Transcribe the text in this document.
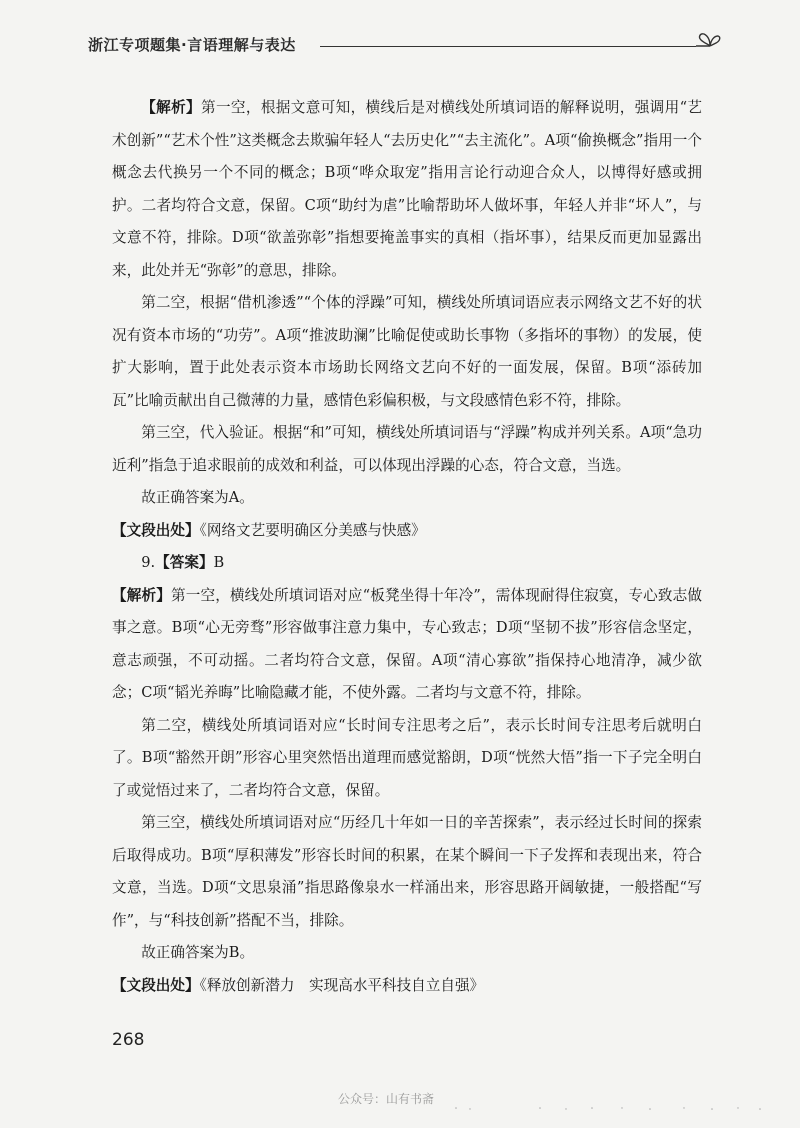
浙江专项题集·言语理解与表达

【解析】第一空，根据文意可知，横线后是对横线处所填词语的解释说明，强调用“艺术创新”“艺术个性”这类概念去欺骗年轻人“去历史化”“去主流化”。A项“偷换概念”指用一个概念去代换另一个不同的概念；B项“哗众取宠”指用言论行动迎合众人，以博得好感或拥护。二者均符合文意，保留。C项“助纣为虐”比喻帮助坏人做坏事，年轻人并非“坏人”，与文意不符，排除。D项“欲盖弥彰”指想要掩盖事实的真相（指坏事），结果反而更加显露出来，此处并无“弥彰”的意思，排除。

第二空，根据“借机渗透”“个体的浮躁”可知，横线处所填词语应表示网络文艺不好的状况有资本市场的“功劳”。A项“推波助澜”比喻促使或助长事物（多指坏的事物）的发展，使扩大影响，置于此处表示资本市场助长网络文艺向不好的一面发展，保留。B项“添砖加瓦”比喻贡献出自己微薄的力量，感情色彩偏积极，与文段感情色彩不符，排除。

第三空，代入验证。根据“和”可知，横线处所填词语与“浮躁”构成并列关系。A项“急功近利”指急于追求眼前的成效和利益，可以体现出浮躁的心态，符合文意，当选。

故正确答案为A。

【文段出处】《网络文艺要明确区分美感与快感》

9.【答案】B

【解析】第一空，横线处所填词语对应“板凳坐得十年冷”，需体现耐得住寂寞，专心致志做事之意。B项“心无旁骛”形容做事注意力集中，专心致志；D项“坚韧不拔”形容信念坚定，意志顽强，不可动摇。二者均符合文意，保留。A项“清心寡欲”指保持心地清净，减少欲念；C项“韬光养晦”比喻隐藏才能，不使外露。二者均与文意不符，排除。

第二空，横线处所填词语对应“长时间专注思考之后”，表示长时间专注思考后就明白了。B项“豁然开朗”形容心里突然悟出道理而感觉豁朗，D项“恍然大悟”指一下子完全明白了或觉悟过来了，二者均符合文意，保留。

第三空，横线处所填词语对应“历经几十年如一日的辛苦探索”，表示经过长时间的探索后取得成功。B项“厚积薄发”形容长时间的积累，在某个瞬间一下子发挥和表现出来，符合文意，当选。D项“文思泉涌”指思路像泉水一样涌出来，形容思路开阔敏捷，一般搭配“写作”，与“科技创新”搭配不当，排除。

故正确答案为B。

【文段出处】《释放创新潜力　实现高水平科技自立自强》

268
公众号：山有书斋
